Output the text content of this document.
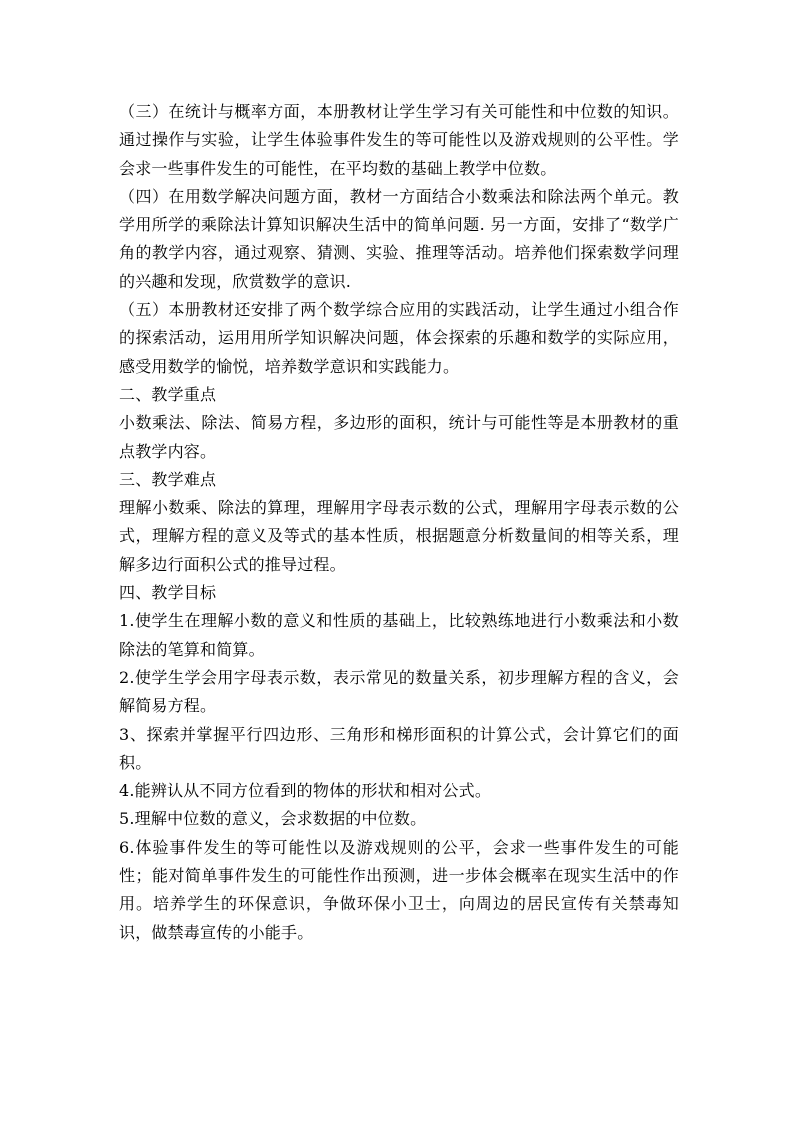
（三）在统计与概率方面，本册教材让学生学习有关可能性和中位数的知识。通过操作与实验，让学生体验事件发生的等可能性以及游戏规则的公平性。学会求一些事件发生的可能性，在平均数的基础上教学中位数。

（四）在用数学解决问题方面，教材一方面结合小数乘法和除法两个单元。教学用所学的乘除法计算知识解决生活中的简单问题. 另一方面，安排了“数学广角的教学内容，通过观察、猜测、实验、推理等活动。培养他们探索数学问理的兴趣和发现，欣赏数学的意识.

（五）本册教材还安排了两个数学综合应用的实践活动，让学生通过小组合作的探索活动，运用用所学知识解决问题，体会探索的乐趣和数学的实际应用，感受用数学的愉悦，培养数学意识和实践能力。

二、教学重点

小数乘法、除法、简易方程，多边形的面积，统计与可能性等是本册教材的重点教学内容。

三、教学难点

理解小数乘、除法的算理，理解用字母表示数的公式，理解用字母表示数的公式，理解方程的意义及等式的基本性质，根据题意分析数量间的相等关系，理解多边行面积公式的推导过程。

四、教学目标

1.使学生在理解小数的意义和性质的基础上，比较熟练地进行小数乘法和小数除法的笔算和简算。

2.使学生学会用字母表示数，表示常见的数量关系，初步理解方程的含义，会解简易方程。

3、探索并掌握平行四边形、三角形和梯形面积的计算公式，会计算它们的面积。

4.能辨认从不同方位看到的物体的形状和相对公式。

5.理解中位数的意义，会求数据的中位数。

6.体验事件发生的等可能性以及游戏规则的公平，会求一些事件发生的可能性；能对简单事件发生的可能性作出预测，进一步体会概率在现实生活中的作用。培养学生的环保意识，争做环保小卫士，向周边的居民宣传有关禁毒知识，做禁毒宣传的小能手。
